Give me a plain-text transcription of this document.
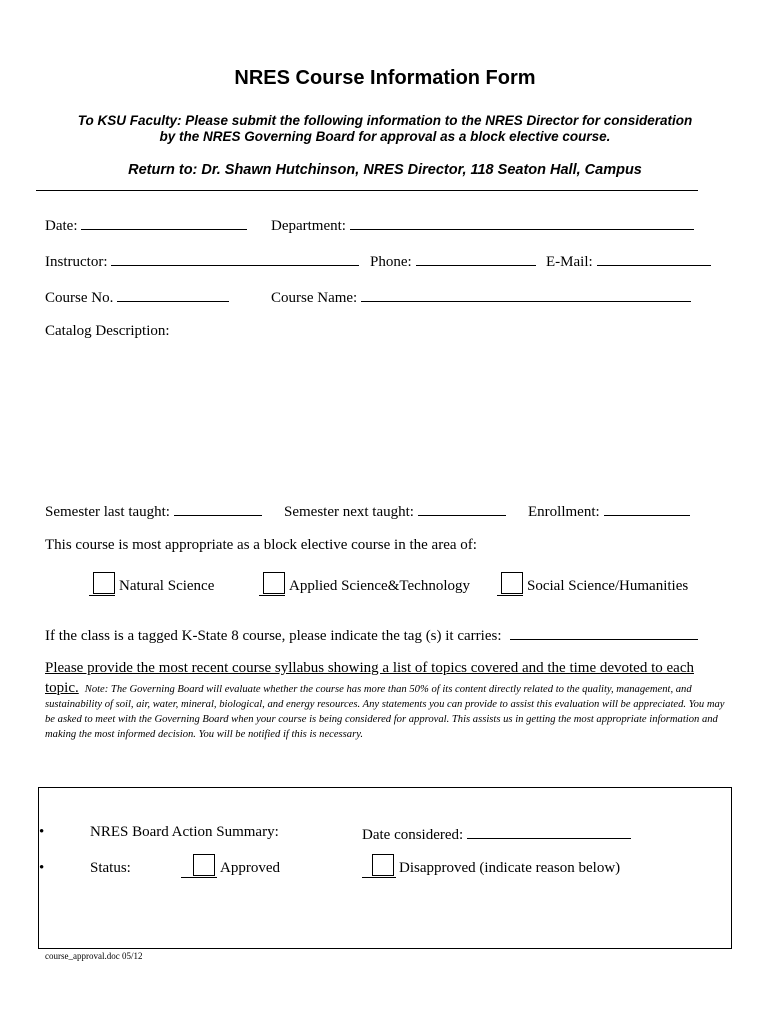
NRES Course Information Form
To KSU Faculty: Please submit the following information to the NRES Director for consideration
by the NRES Governing Board for approval as a block elective course.
Return to: Dr. Shawn Hutchinson, NRES Director, 118 Seaton Hall, Campus
Date:	Department:
Instructor:	Phone:	E-Mail:
Course No.	Course Name:
Catalog Description:
Semester last taught:	Semester next taught:	Enrollment:
This course is most appropriate as a block elective course in the area of:
Natural Science	Applied Science&Technology	Social Science/Humanities
If the class is a tagged K-State 8 course, please indicate the tag (s) it carries:
Please provide the most recent course syllabus showing a list of topics covered and the time devoted to each
topic. Note: The Governing Board will evaluate whether the course has more than 50% of its content directly related to the quality, management, and sustainability of soil, air, water, mineral, biological, and energy resources. Any statements you can provide to assist this evaluation will be appreciated. You may be asked to meet with the Governing Board when your course is being considered for approval. This assists us in getting the most appropriate information and making the most informed decision. You will be notified if this is necessary.
•	NRES Board Action Summary:	Date considered:
•	Status:	Approved	Disapproved (indicate reason below)
course_approval.doc 05/12
